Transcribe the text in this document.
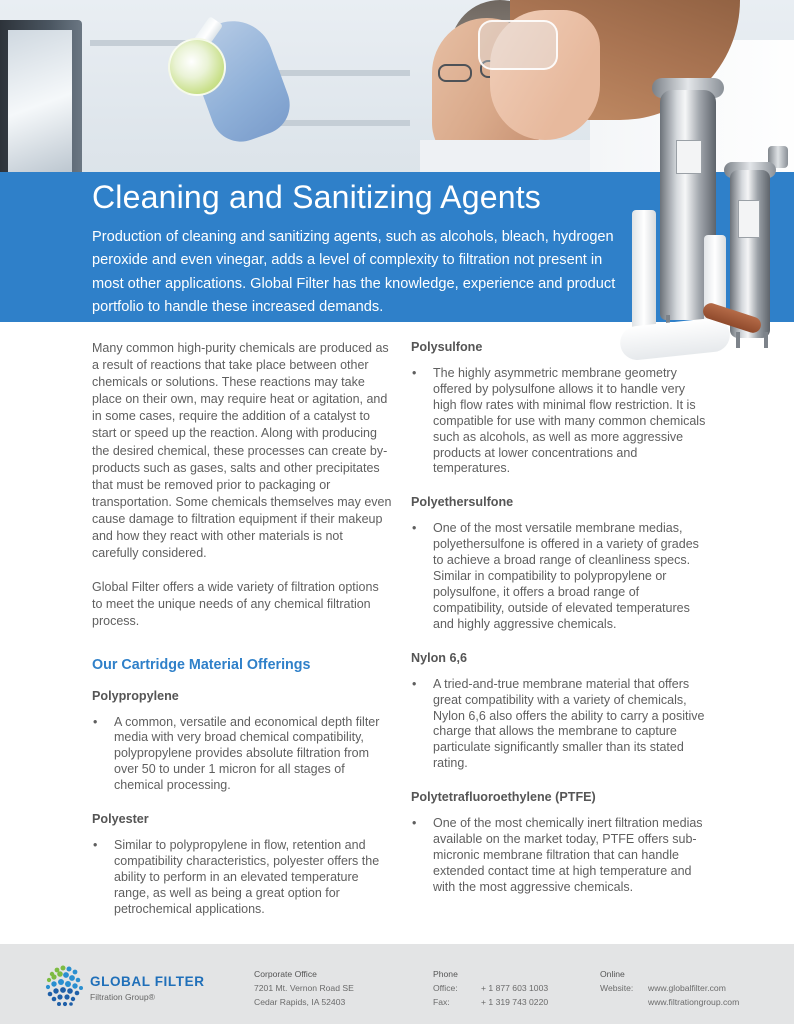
Cleaning and Sanitizing Agents

Production of cleaning and sanitizing agents, such as alcohols, bleach, hydrogen peroxide and even vinegar, adds a level of complexity to filtration not present in most other applications. Global Filter has the knowledge, experience and product portfolio to handle these increased demands.

Many common high-purity chemicals are produced as a result of reactions that take place between other chemicals or solutions. These reactions may take place on their own, may require heat or agitation, and in some cases, require the addition of a catalyst to start or speed up the reaction. Along with producing the desired chemical, these processes can create by-products such as gases, salts and other precipitates that must be removed prior to packaging or transportation. Some chemicals themselves may even cause damage to filtration equipment if their makeup and how they react with other materials is not carefully considered.

Global Filter offers a wide variety of filtration options to meet the unique needs of any chemical filtration process.

Our Cartridge Material Offerings
Polypropylene
•	A common, versatile and economical depth filter media with very broad chemical compatibility, polypropylene provides absolute filtration from over 50 to under 1 micron for all stages of chemical processing.
Polyester
•	Similar to polypropylene in flow, retention and compatibility characteristics, polyester offers the ability to perform in an elevated temperature range, as well as being a great option for petrochemical applications.
Polysulfone
•	The highly asymmetric membrane geometry offered by polysulfone allows it to handle very high flow rates with minimal flow restriction. It is compatible for use with many common chemicals such as alcohols, as well as more aggressive products at lower concentrations and temperatures.
Polyethersulfone
•	One of the most versatile membrane medias, polyethersulfone is offered in a variety of grades to achieve a broad range of cleanliness specs. Similar in compatibility to polypropylene or polysulfone, it offers a broad range of compatibility, outside of elevated temperatures and highly aggressive chemicals.
Nylon 6,6
•	A tried-and-true membrane material that offers great compatibility with a variety of chemicals, Nylon 6,6 also offers the ability to carry a positive charge that allows the membrane to capture particulate significantly smaller than its stated rating.
Polytetrafluoroethylene (PTFE)
•	One of the most chemically inert filtration medias available on the market today, PTFE offers sub-micronic membrane filtration that can handle extended contact time at high temperature and with the most aggressive chemicals.
GLOBAL FILTER
Filtration Group®
Corporate Office
7201 Mt. Vernon Road SE
Cedar Rapids, IA 52403
Phone
Office:	+ 1 877 603 1003
Fax:	+ 1 319 743 0220
Online
Website:	www.globalfilter.com
www.filtrationgroup.com
